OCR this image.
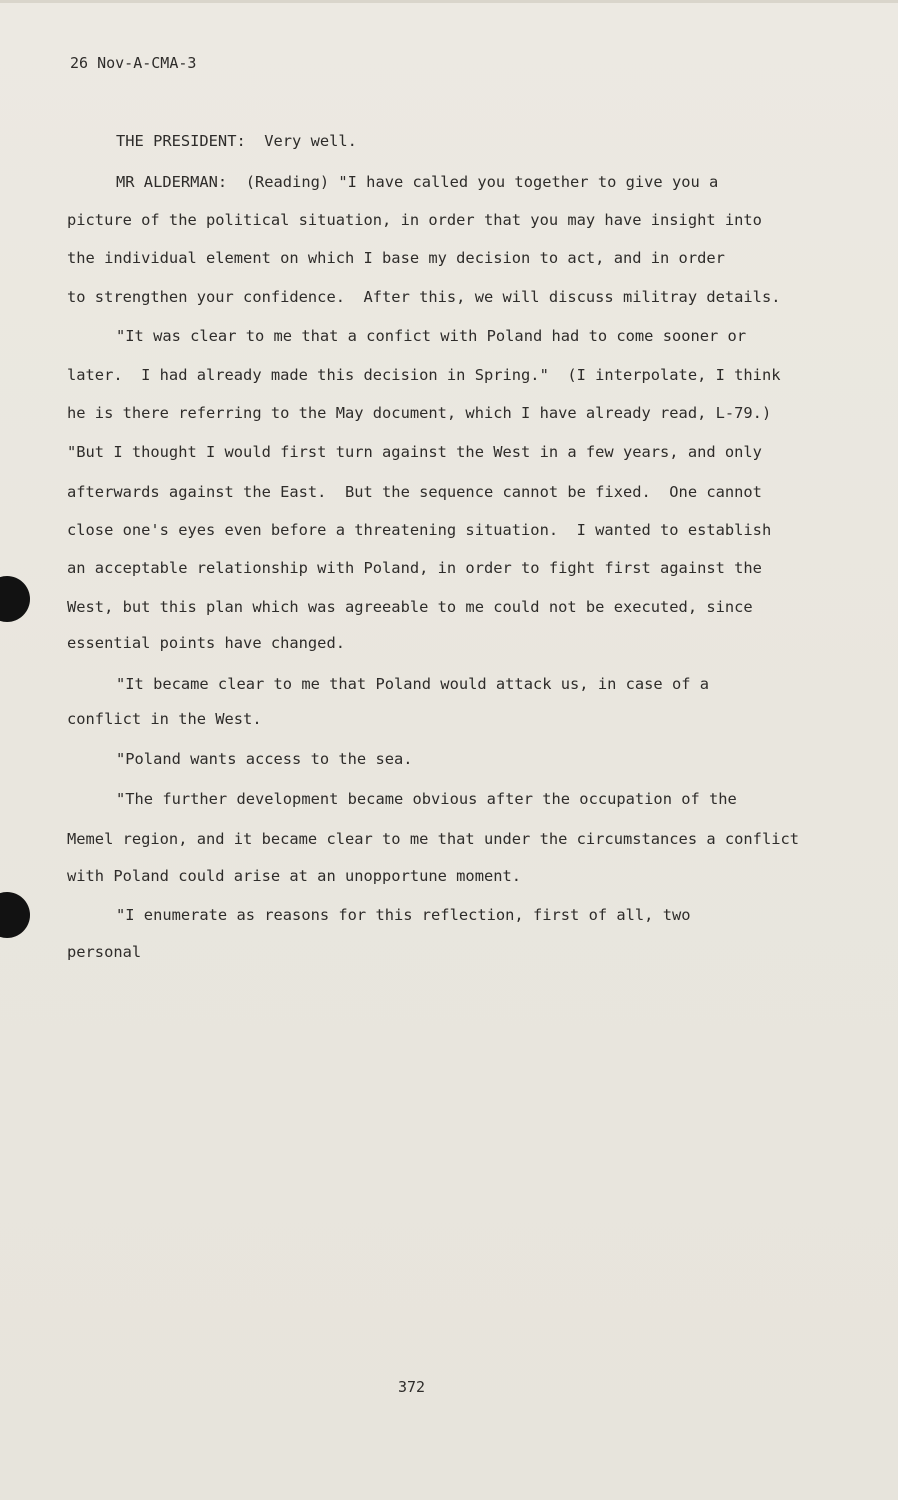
26 Nov-A-CMA-3
THE PRESIDENT:  Very well.
MR ALDERMAN:  (Reading) "I have called you together to give you a
picture of the political situation, in order that you may have insight into
the individual element on which I base my decision to act, and in order
to strengthen your confidence.  After this, we will discuss militray details.
"It was clear to me that a confict with Poland had to come sooner or
later.  I had already made this decision in Spring."  (I interpolate, I think
he is there referring to the May document, which I have already read, L-79.)
"But I thought I would first turn against the West in a few years, and only
afterwards against the East.  But the sequence cannot be fixed.  One cannot
close one's eyes even before a threatening situation.  I wanted to establish
an acceptable relationship with Poland, in order to fight first against the
West, but this plan which was agreeable to me could not be executed, since
essential points have changed.
"It became clear to me that Poland would attack us, in case of a
conflict in the West.
"Poland wants access to the sea.
"The further development became obvious after the occupation of the
Memel region, and it became clear to me that under the circumstances a conflict
with Poland could arise at an unopportune moment.
"I enumerate as reasons for this reflection, first of all, two
personal
372
